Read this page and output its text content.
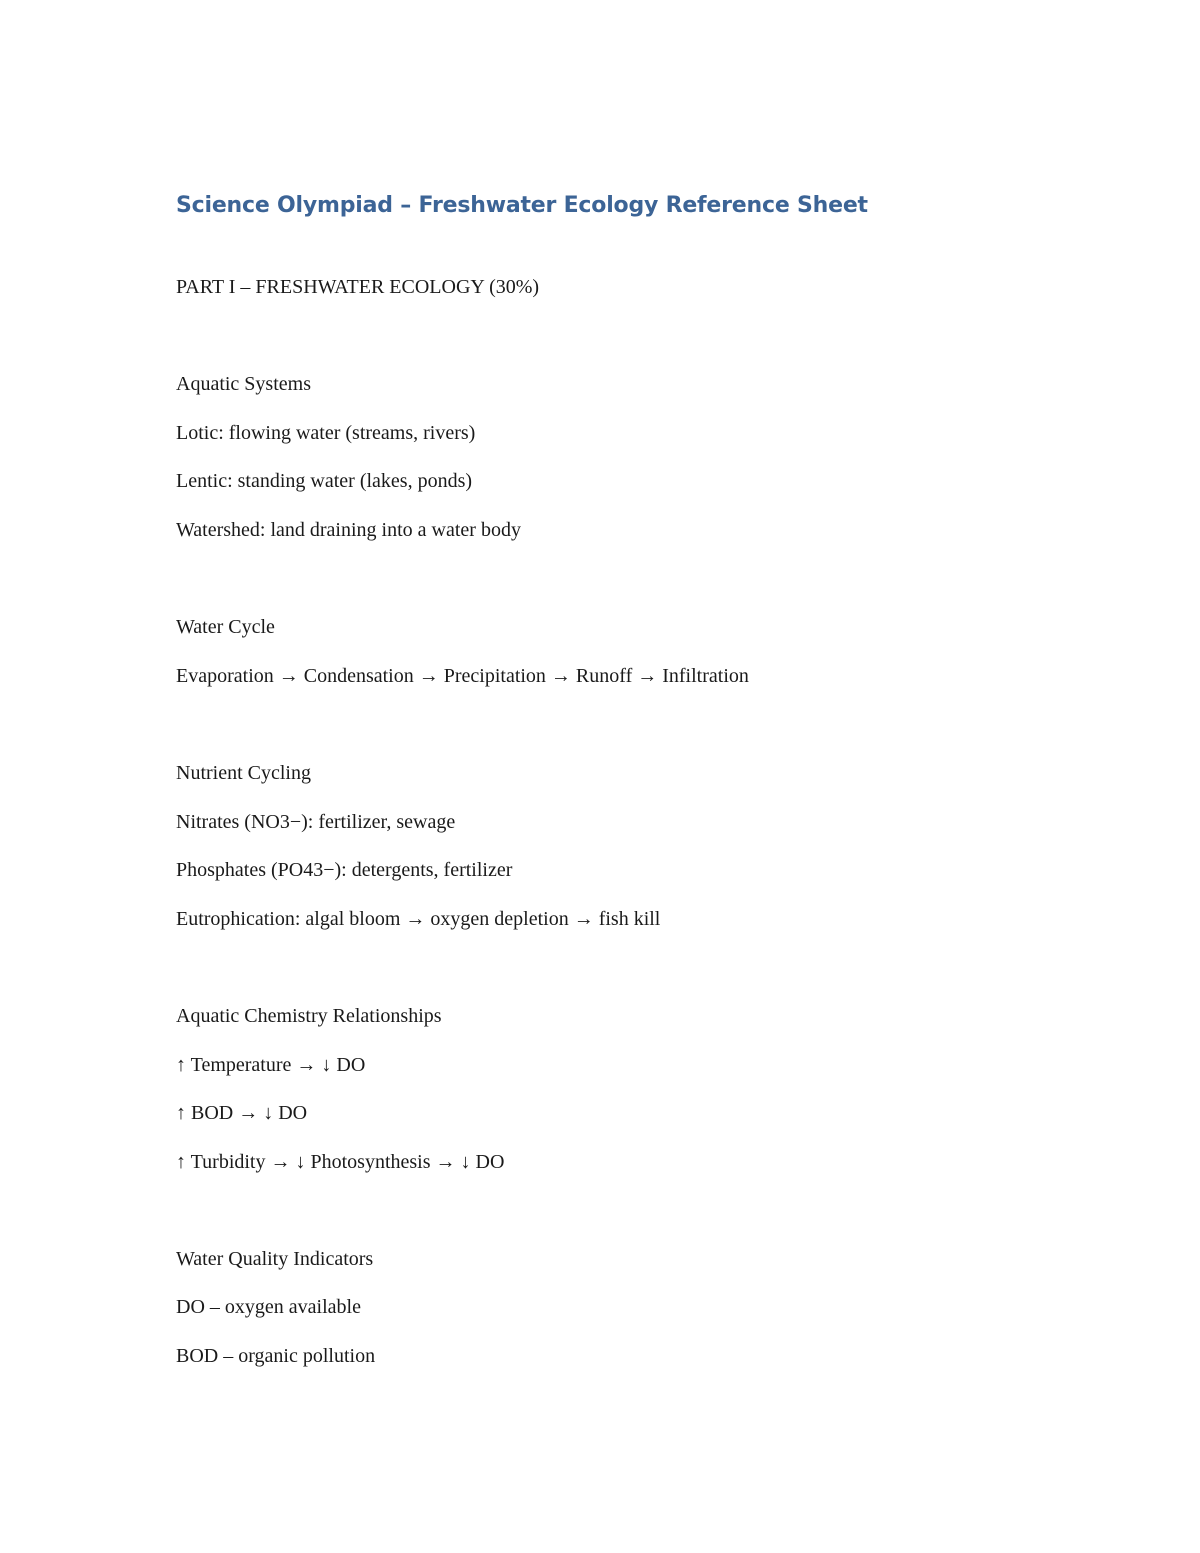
Science Olympiad – Freshwater Ecology Reference Sheet
PART I – FRESHWATER ECOLOGY (30%)
Aquatic Systems
Lotic: flowing water (streams, rivers)
Lentic: standing water (lakes, ponds)
Watershed: land draining into a water body
Water Cycle
Evaporation → Condensation → Precipitation → Runoff → Infiltration
Nutrient Cycling
Nitrates (NO3−): fertilizer, sewage
Phosphates (PO43−): detergents, fertilizer
Eutrophication: algal bloom → oxygen depletion → fish kill
Aquatic Chemistry Relationships
↑ Temperature → ↓ DO
↑ BOD → ↓ DO
↑ Turbidity → ↓ Photosynthesis → ↓ DO
Water Quality Indicators
DO – oxygen available
BOD – organic pollution
